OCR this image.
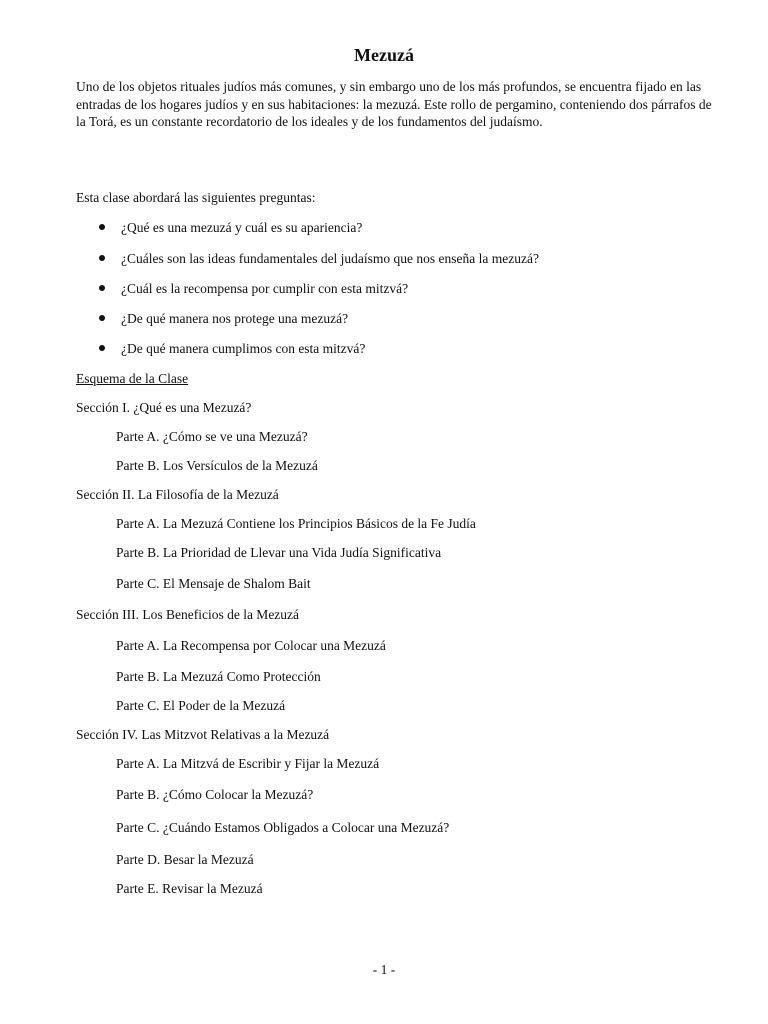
Mezuzá

Uno de los objetos rituales judíos más comunes, y sin embargo uno de los más profundos, se encuentra fijado en las entradas de los hogares judíos y en sus habitaciones: la mezuzá. Este rollo de pergamino, conteniendo dos párrafos de la Torá, es un constante recordatorio de los ideales y de los fundamentos del judaísmo.

Esta clase abordará las siguientes preguntas:
¿Qué es una mezuzá y cuál es su apariencia?
¿Cuáles son las ideas fundamentales del judaísmo que nos enseña la mezuzá?
¿Cuál es la recompensa por cumplir con esta mitzvá?
¿De qué manera nos protege una mezuzá?
¿De qué manera cumplimos con esta mitzvá?
Esquema de la Clase
Sección I. ¿Qué es una Mezuzá?
Parte A. ¿Cómo se ve una Mezuzá?
Parte B. Los Versículos de la Mezuzá
Sección II. La Filosofía de la Mezuzá
Parte A. La Mezuzá Contiene los Principios Básicos de la Fe Judía
Parte B. La Prioridad de Llevar una Vida Judía Significativa
Parte C. El Mensaje de Shalom Bait
Sección III. Los Beneficios de la Mezuzá
Parte A. La Recompensa por Colocar una Mezuzá
Parte B. La Mezuzá Como Protección
Parte C. El Poder de la Mezuzá
Sección IV. Las Mitzvot Relativas a la Mezuzá
Parte A. La Mitzvá de Escribir y Fijar la Mezuzá
Parte B. ¿Cómo Colocar la Mezuzá?
Parte C. ¿Cuándo Estamos Obligados a Colocar una Mezuzá?
Parte D. Besar la Mezuzá
Parte E. Revisar la Mezuzá
- 1 -
